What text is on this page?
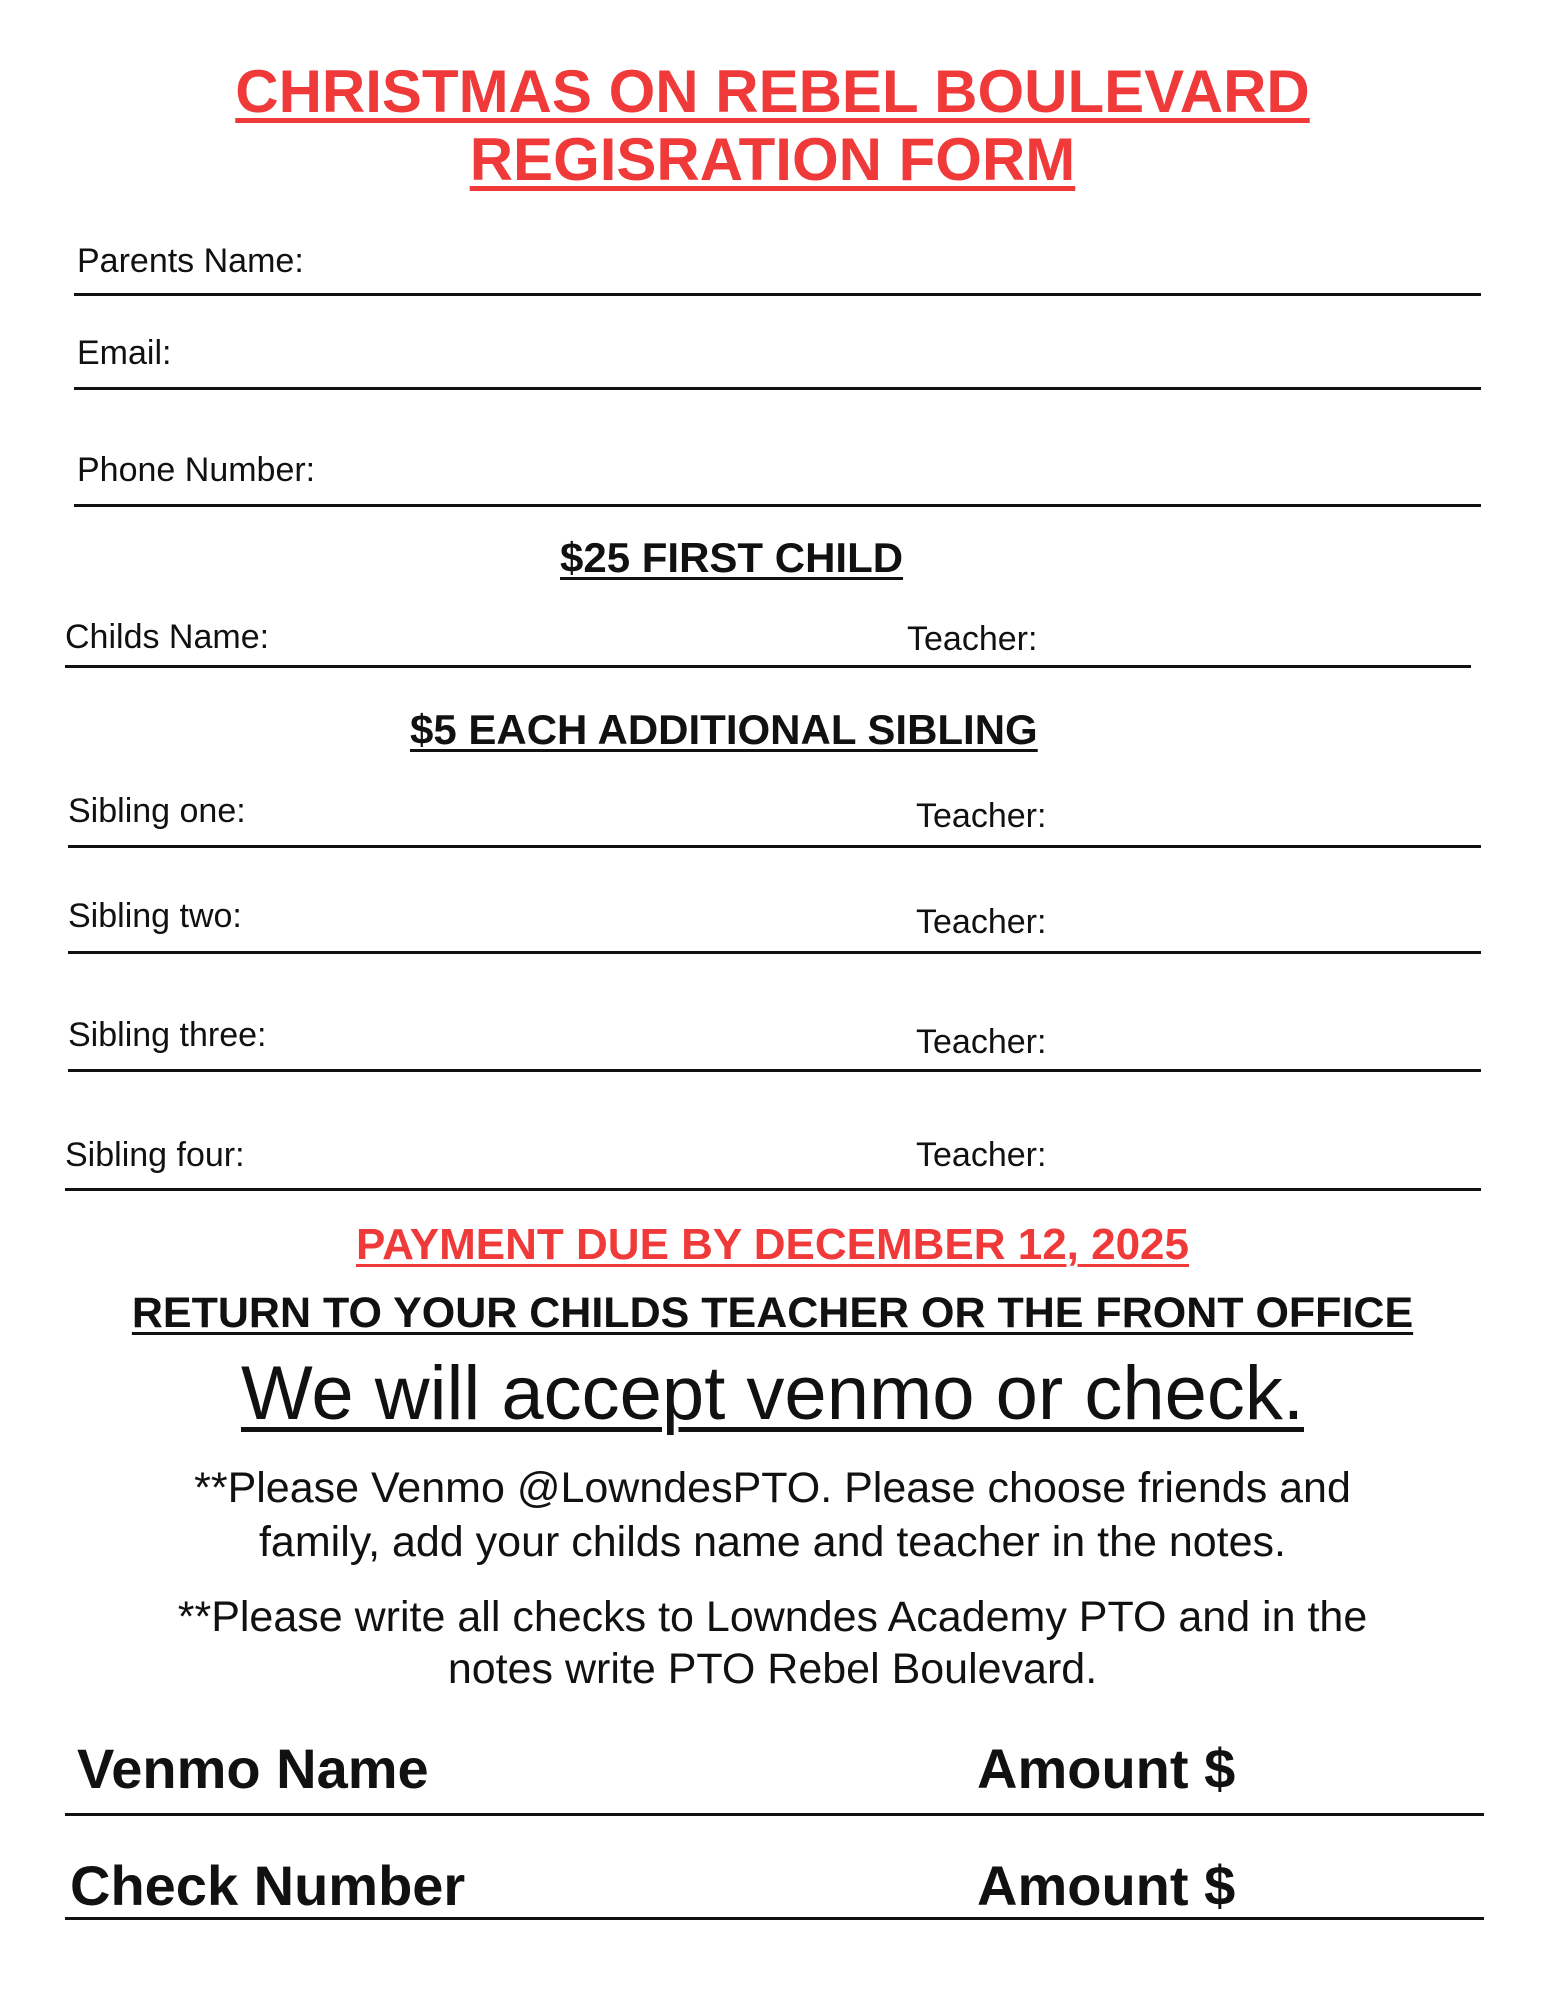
CHRISTMAS ON REBEL BOULEVARD
REGISRATION FORM
Parents Name:
Email:
Phone Number:
$25 FIRST CHILD
Childs Name:	Teacher:
$5 EACH ADDITIONAL SIBLING
Sibling one:	Teacher:
Sibling two:	Teacher:
Sibling three:	Teacher:
Sibling four:	Teacher:
PAYMENT DUE BY DECEMBER 12, 2025
RETURN TO YOUR CHILDS TEACHER OR THE FRONT OFFICE
We will accept venmo or check.
**Please Venmo @LowndesPTO. Please choose friends and
family, add your childs name and teacher in the notes.
**Please write all checks to Lowndes Academy PTO and in the
notes write PTO Rebel Boulevard.
Venmo Name	Amount $
Check Number	Amount $
